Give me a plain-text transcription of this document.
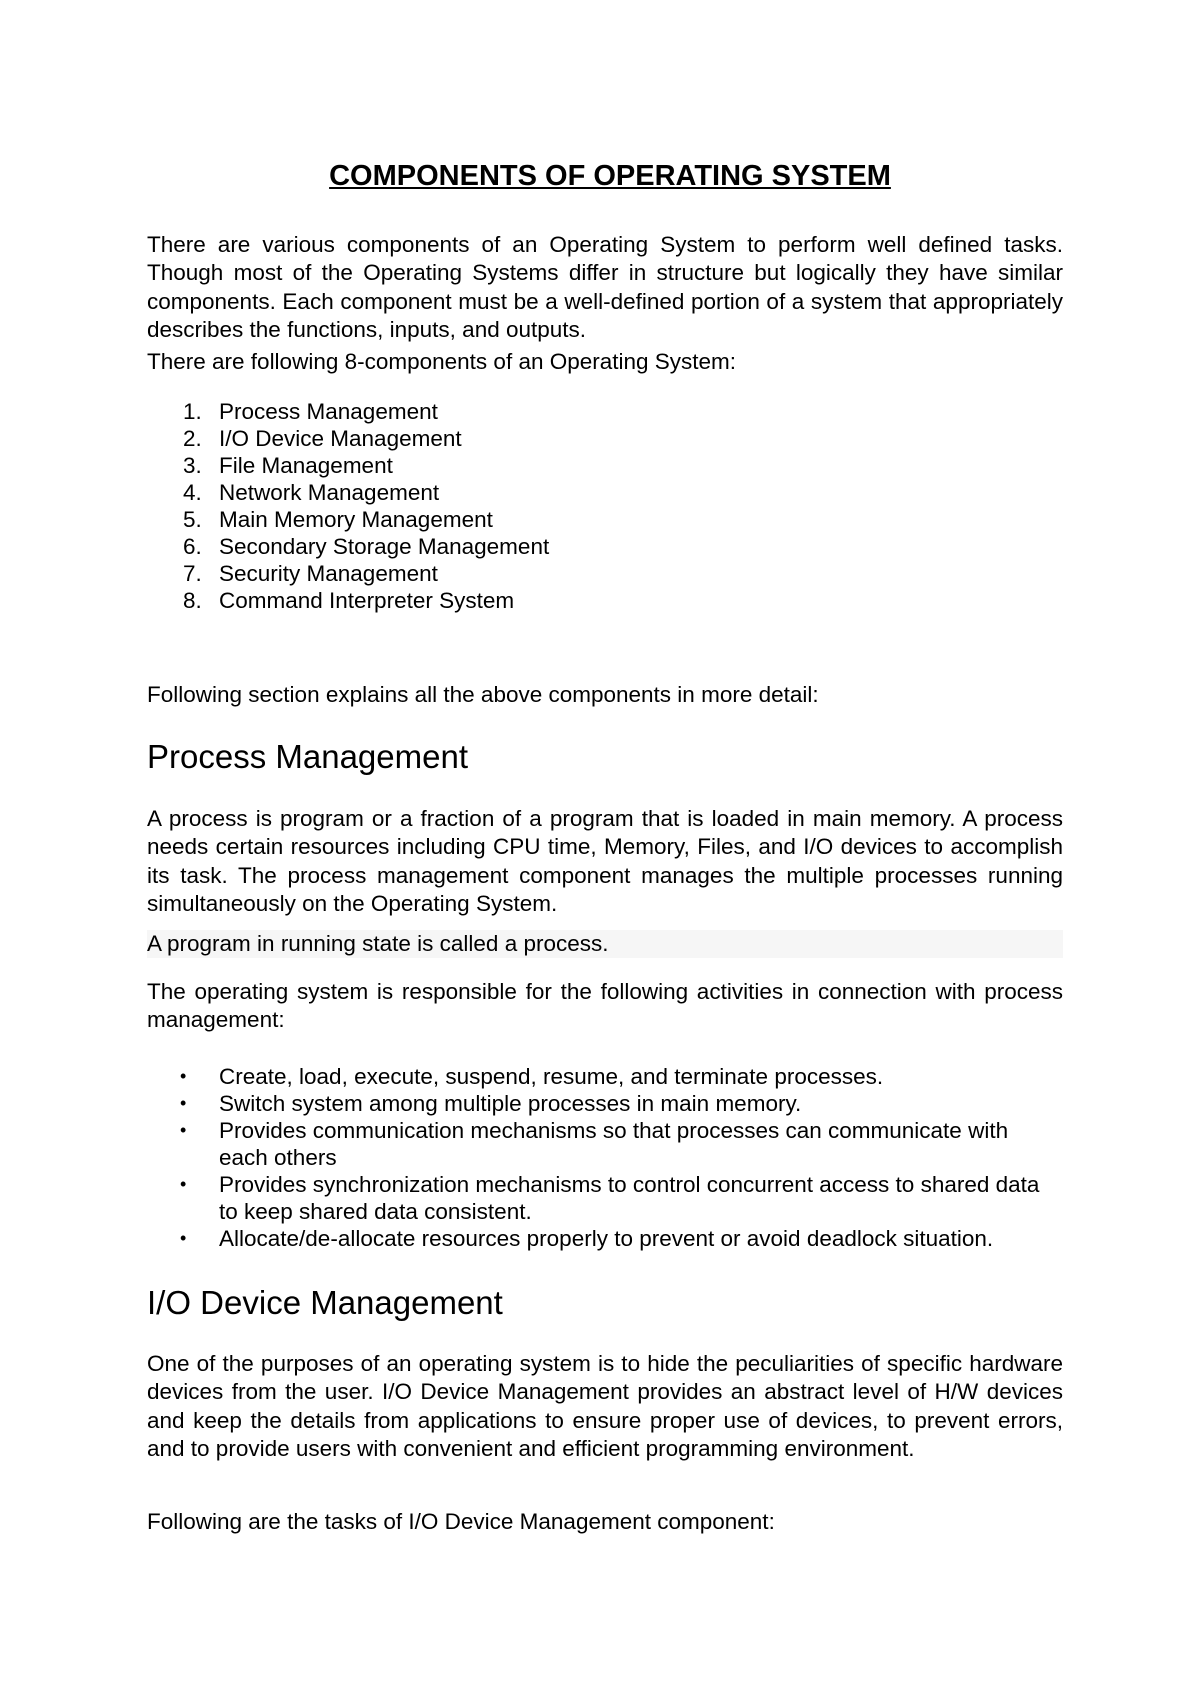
COMPONENTS OF OPERATING SYSTEM

There are various components of an Operating System to perform well defined tasks. Though most of the Operating Systems differ in structure but logically they have similar components. Each component must be a well-defined portion of a system that appropriately describes the functions, inputs, and outputs.

There are following 8-components of an Operating System:

1. Process Management
2. I/O Device Management
3. File Management
4. Network Management
5. Main Memory Management
6. Secondary Storage Management
7. Security Management
8. Command Interpreter System

Following section explains all the above components in more detail:

Process Management

A process is program or a fraction of a program that is loaded in main memory. A process needs certain resources including CPU time, Memory, Files, and I/O devices to accomplish its task. The process management component manages the multiple processes running simultaneously on the Operating System.

A program in running state is called a process.

The operating system is responsible for the following activities in connection with process management:

• Create, load, execute, suspend, resume, and terminate processes.
• Switch system among multiple processes in main memory.
• Provides communication mechanisms so that processes can communicate with each others
• Provides synchronization mechanisms to control concurrent access to shared data to keep shared data consistent.
• Allocate/de-allocate resources properly to prevent or avoid deadlock situation.
I/O Device Management

One of the purposes of an operating system is to hide the peculiarities of specific hardware devices from the user. I/O Device Management provides an abstract level of H/W devices and keep the details from applications to ensure proper use of devices, to prevent errors, and to provide users with convenient and efficient programming environment.

Following are the tasks of I/O Device Management component:
